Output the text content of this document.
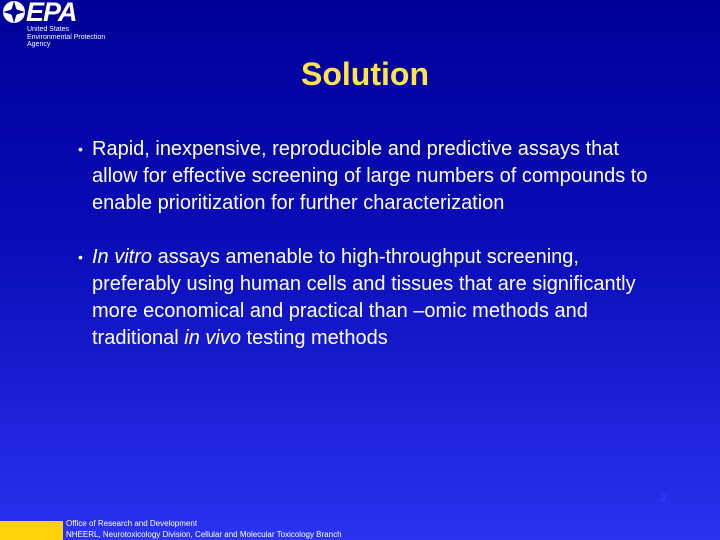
EPA
United States
Environmental Protection
Agency
Solution
• Rapid, inexpensive, reproducible and predictive assays that allow for effective screening of large numbers of compounds to enable prioritization for further characterization
• In vitro assays amenable to high-throughput screening, preferably using human cells and tissues that are significantly more economical and practical than –omic methods and traditional in vivo testing methods
3
Office of Research and Development
NHEERL, Neurotoxicology Division, Cellular and Molecular Toxicology Branch
